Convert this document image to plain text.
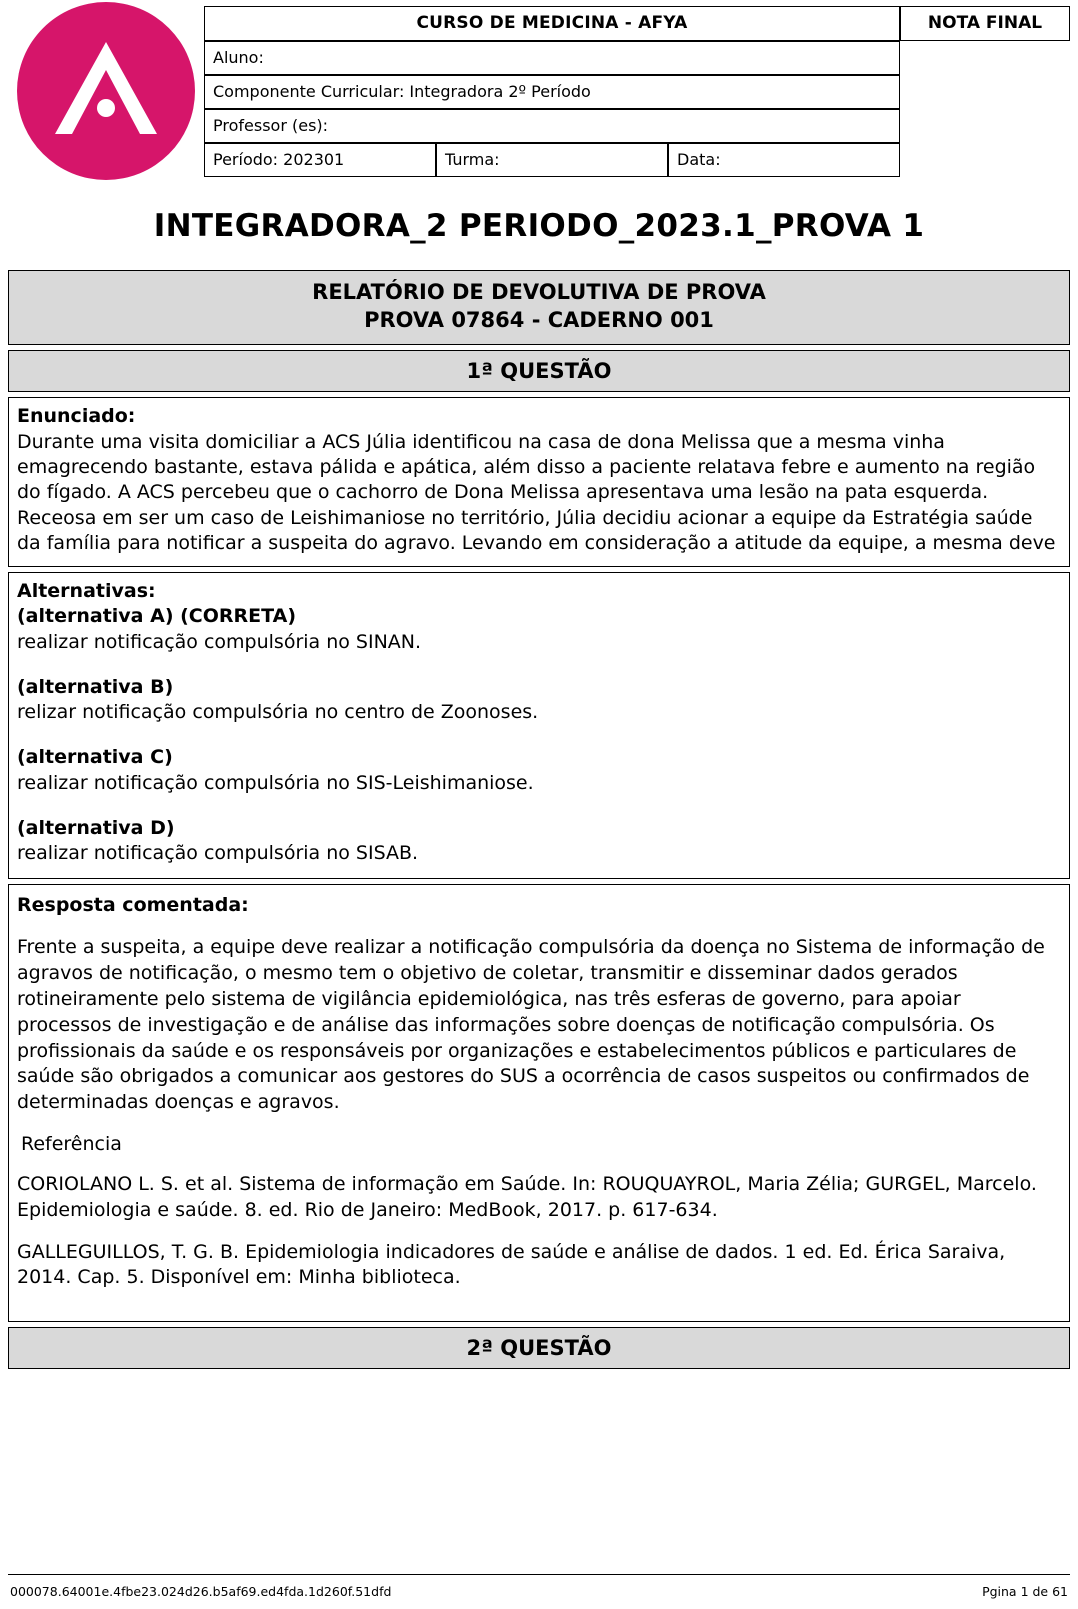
CURSO DE MEDICINA - AFYA	NOTA FINAL
Aluno:
Componente Curricular: Integradora 2º Período
Professor (es):
Período: 202301	Turma:	Data:
INTEGRADORA_2 PERIODO_2023.1_PROVA 1
RELATÓRIO DE DEVOLUTIVA DE PROVA
PROVA 07864 - CADERNO 001
1ª QUESTÃO
Enunciado:
Durante uma visita domiciliar a ACS Júlia identificou na casa de dona Melissa que a mesma vinha emagrecendo bastante, estava pálida e apática, além disso a paciente relatava febre e aumento na região do fígado. A ACS percebeu que o cachorro de Dona Melissa apresentava uma lesão na pata esquerda. Receosa em ser um caso de Leishimaniose no território, Júlia decidiu acionar a equipe da Estratégia saúde da família para notificar a suspeita do agravo. Levando em consideração a atitude da equipe, a mesma deve
Alternativas:
(alternativa A) (CORRETA)
realizar notificação compulsória no SINAN.
(alternativa B)
relizar notificação compulsória no centro de Zoonoses.
(alternativa C)
realizar notificação compulsória no SIS-Leishimaniose.
(alternativa D)
realizar notificação compulsória no SISAB.
Resposta comentada:

Frente a suspeita, a equipe deve realizar a notificação compulsória da doença no Sistema de informação de agravos de notificação, o mesmo tem o objetivo de coletar, transmitir e disseminar dados gerados rotineiramente pelo sistema de vigilância epidemiológica, nas três esferas de governo, para apoiar processos de investigação e de análise das informações sobre doenças de notificação compulsória. Os profissionais da saúde e os responsáveis por organizações e estabelecimentos públicos e particulares de saúde são obrigados a comunicar aos gestores do SUS a ocorrência de casos suspeitos ou confirmados de determinadas doenças e agravos.

Referência

CORIOLANO L. S. et al. Sistema de informação em Saúde. In: ROUQUAYROL, Maria Zélia; GURGEL, Marcelo. Epidemiologia e saúde. 8. ed. Rio de Janeiro: MedBook, 2017. p. 617-634.

GALLEGUILLOS, T. G. B. Epidemiologia indicadores de saúde e análise de dados. 1 ed. Ed. Érica Saraiva, 2014. Cap. 5. Disponível em: Minha biblioteca.

2ª QUESTÃO
000078.64001e.4fbe23.024d26.b5af69.ed4fda.1d260f.51dfd	Pgina 1 de 61
